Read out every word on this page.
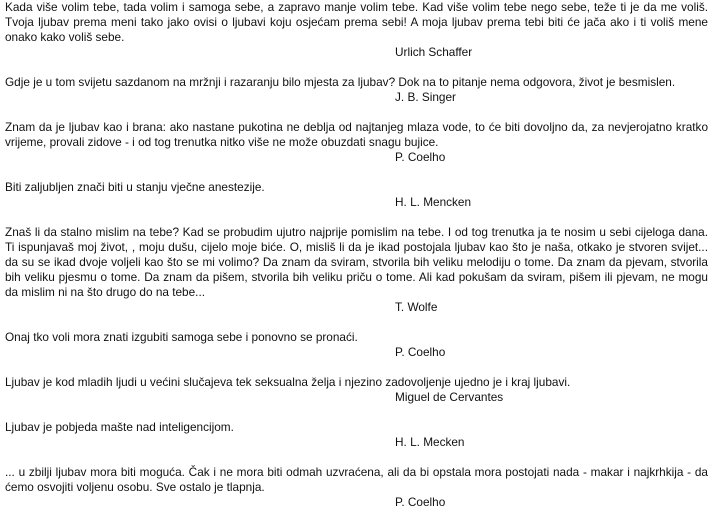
Kada više volim tebe, tada volim i samoga sebe, a zapravo manje volim tebe. Kad više volim tebe nego sebe, teže ti je da me voliš. Tvoja ljubav prema meni tako jako ovisi o ljubavi koju osjećam prema sebi! A moja ljubav prema tebi biti će jača ako i ti voliš mene onako kako voliš sebe.

Urlich Schaffer

Gdje je u tom svijetu sazdanom na mržnji i razaranju bilo mjesta za ljubav? Dok na to pitanje nema odgovora, život je besmislen.

J. B. Singer

Znam da je ljubav kao i brana: ako nastane pukotina ne deblja od najtanjeg mlaza vode, to će biti dovoljno da, za nevjerojatno kratko vrijeme, provali zidove - i od tog trenutka nitko više ne može obuzdati snagu bujice.

P. Coelho

Biti zaljubljen znači biti u stanju vječne anestezije.

H. L. Mencken

Znaš li da stalno mislim na tebe? Kad se probudim ujutro najprije pomislim na tebe. I od tog trenutka ja te nosim u sebi cijeloga dana. Ti ispunjavaš moj život, , moju dušu, cijelo moje biće. O, misliš li da je ikad postojala ljubav kao što je naša, otkako je stvoren svijet... da su se ikad dvoje voljeli kao što se mi volimo? Da znam da sviram, stvorila bih veliku melodiju o tome. Da znam da pjevam, stvorila bih veliku pjesmu o tome. Da znam da pišem, stvorila bih veliku priču o tome. Ali kad pokušam da sviram, pišem ili pjevam, ne mogu da mislim ni na što drugo do na tebe...

T. Wolfe

Onaj tko voli mora znati izgubiti samoga sebe i ponovno se pronaći.

P. Coelho

Ljubav je kod mladih ljudi u većini slučajeva tek seksualna želja i njezino zadovoljenje ujedno je i kraj ljubavi.

Miguel de Cervantes

Ljubav je pobjeda mašte nad inteligencijom.

H. L. Mecken

... u zbilji ljubav mora biti moguća. Čak i ne mora biti odmah uzvraćena, ali da bi opstala mora postojati nada - makar i najkrhkija - da ćemo osvojiti voljenu osobu. Sve ostalo je tlapnja.

P. Coelho
